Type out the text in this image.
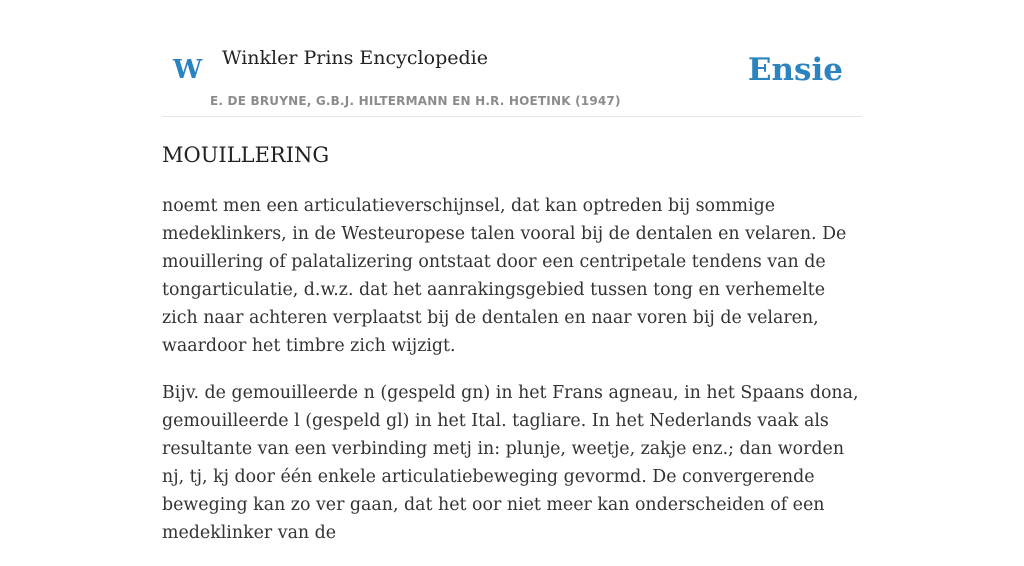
W Winkler Prins Encyclopedie
E. DE BRUYNE, G.B.J. HILTERMANN EN H.R. HOETINK (1947)
Ensie
MOUILLERING

noemt men een articulatieverschijnsel, dat kan optreden bij sommige medeklinkers, in de Westeuropese talen vooral bij de dentalen en velaren. De mouillering of palatalizering ontstaat door een centripetale tendens van de tongarticulatie, d.w.z. dat het aanrakingsgebied tussen tong en verhemelte zich naar achteren verplaatst bij de dentalen en naar voren bij de velaren, waardoor het timbre zich wijzigt.

Bijv. de gemouilleerde n (gespeld gn) in het Frans agneau, in het Spaans dona, gemouilleerde l (gespeld gl) in het Ital. tagliare. In het Nederlands vaak als resultante van een verbinding metj in: plunje, weetje, zakje enz.; dan worden nj, tj, kj door één enkele articulatiebeweging gevormd. De convergerende beweging kan zo ver gaan, dat het oor niet meer kan onderscheiden of een medeklinker van de
